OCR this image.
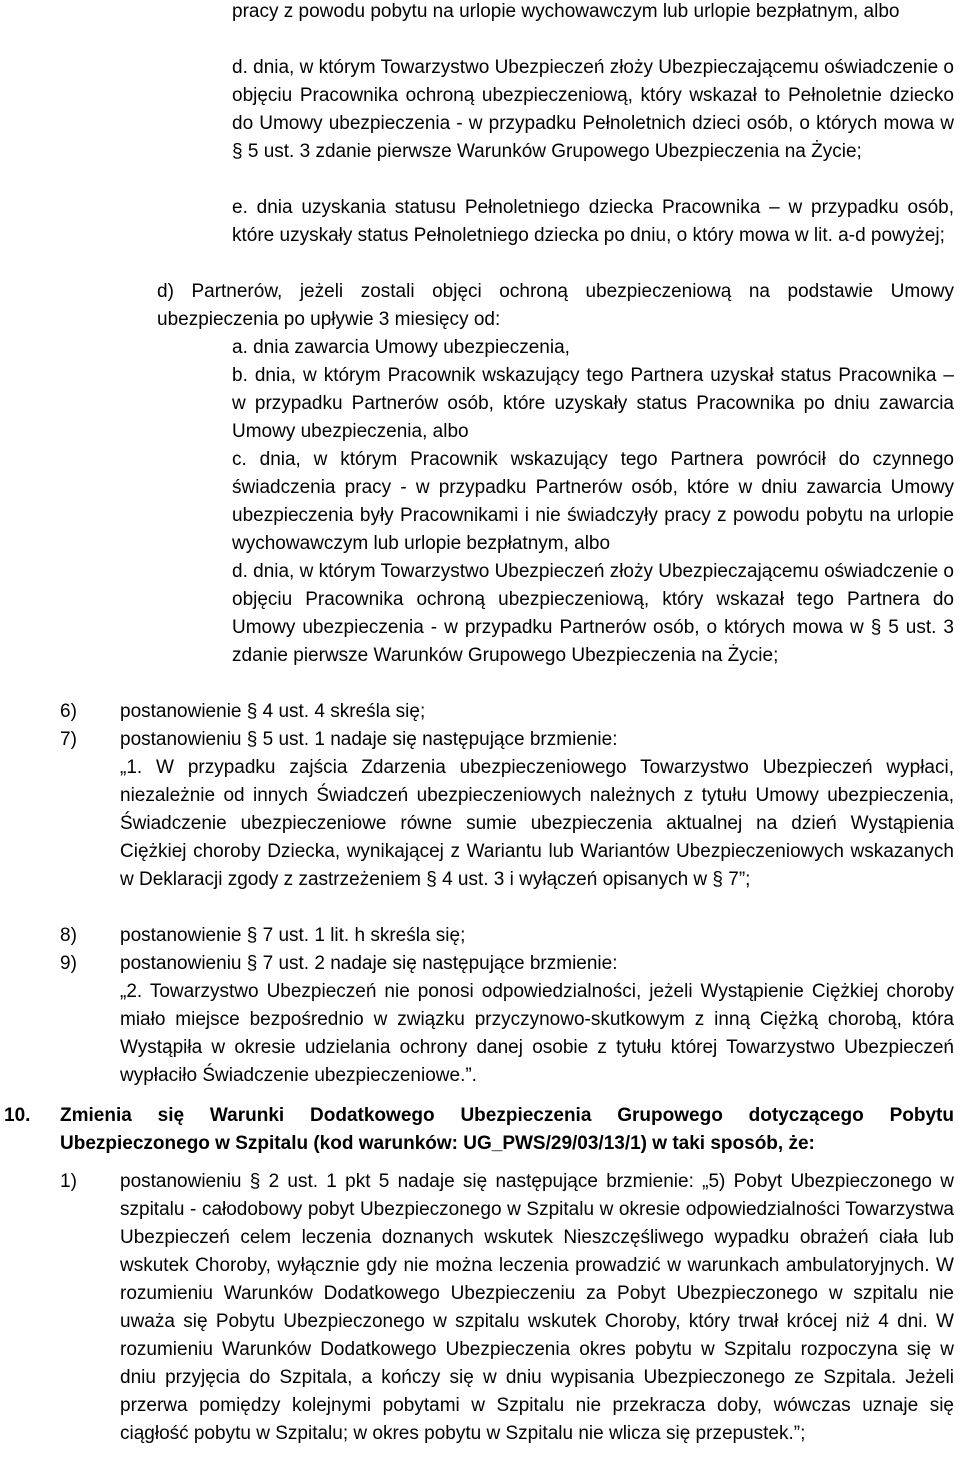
pracy z powodu pobytu na urlopie wychowawczym lub urlopie bezpłatnym, albo

d. dnia, w którym Towarzystwo Ubezpieczeń złoży Ubezpieczającemu oświadczenie o objęciu Pracownika ochroną ubezpieczeniową, który wskazał to Pełnoletnie dziecko do Umowy ubezpieczenia - w przypadku Pełnoletnich dzieci osób, o których mowa w § 5 ust. 3 zdanie pierwsze Warunków Grupowego Ubezpieczenia na Życie;

e. dnia uzyskania statusu Pełnoletniego dziecka Pracownika – w przypadku osób, które uzyskały status Pełnoletniego dziecka po dniu, o który mowa w lit. a-d powyżej;

d) Partnerów, jeżeli zostali objęci ochroną ubezpieczeniową na podstawie Umowy ubezpieczenia po upływie 3 miesięcy od:

a. dnia zawarcia Umowy ubezpieczenia,

b. dnia, w którym Pracownik wskazujący tego Partnera uzyskał status Pracownika – w przypadku Partnerów osób, które uzyskały status Pracownika po dniu zawarcia Umowy ubezpieczenia, albo

c. dnia, w którym Pracownik wskazujący tego Partnera powrócił do czynnego świadczenia pracy - w przypadku Partnerów osób, które w dniu zawarcia Umowy ubezpieczenia były Pracownikami i nie świadczyły pracy z powodu pobytu na urlopie wychowawczym lub urlopie bezpłatnym, albo

d. dnia, w którym Towarzystwo Ubezpieczeń złoży Ubezpieczającemu oświadczenie o objęciu Pracownika ochroną ubezpieczeniową, który wskazał tego Partnera do Umowy ubezpieczenia - w przypadku Partnerów osób, o których mowa w § 5 ust. 3 zdanie pierwsze Warunków Grupowego Ubezpieczenia na Życie;

6) postanowienie § 4 ust. 4 skreśla się;

7) postanowieniu § 5 ust. 1 nadaje się następujące brzmienie:

„1. W przypadku zajścia Zdarzenia ubezpieczeniowego Towarzystwo Ubezpieczeń wypłaci, niezależnie od innych Świadczeń ubezpieczeniowych należnych z tytułu Umowy ubezpieczenia, Świadczenie ubezpieczeniowe równe sumie ubezpieczenia aktualnej na dzień Wystąpienia Ciężkiej choroby Dziecka, wynikającej z Wariantu lub Wariantów Ubezpieczeniowych wskazanych w Deklaracji zgody z zastrzeżeniem § 4 ust. 3 i wyłączeń opisanych w § 7”;

8) postanowienie § 7 ust. 1 lit. h skreśla się;

9) postanowieniu § 7 ust. 2 nadaje się następujące brzmienie:

„2. Towarzystwo Ubezpieczeń nie ponosi odpowiedzialności, jeżeli Wystąpienie Ciężkiej choroby miało miejsce bezpośrednio w związku przyczynowo-skutkowym z inną Ciężką chorobą, która Wystąpiła w okresie udzielania ochrony danej osobie z tytułu której Towarzystwo Ubezpieczeń wypłaciło Świadczenie ubezpieczeniowe.”.

10. Zmienia się Warunki Dodatkowego Ubezpieczenia Grupowego dotyczącego Pobytu Ubezpieczonego w Szpitalu (kod warunków: UG_PWS/29/03/13/1) w taki sposób, że:

1) postanowieniu § 2 ust. 1 pkt 5 nadaje się następujące brzmienie: „5) Pobyt Ubezpieczonego w szpitalu - całodobowy pobyt Ubezpieczonego w Szpitalu w okresie odpowiedzialności Towarzystwa Ubezpieczeń celem leczenia doznanych wskutek Nieszczęśliwego wypadku obrażeń ciała lub wskutek Choroby, wyłącznie gdy nie można leczenia prowadzić w warunkach ambulatoryjnych. W rozumieniu Warunków Dodatkowego Ubezpieczeniu za Pobyt Ubezpieczonego w szpitalu nie uważa się Pobytu Ubezpieczonego w szpitalu wskutek Choroby, który trwał krócej niż 4 dni. W rozumieniu Warunków Dodatkowego Ubezpieczenia okres pobytu w Szpitalu rozpoczyna się w dniu przyjęcia do Szpitala, a kończy się w dniu wypisania Ubezpieczonego ze Szpitala. Jeżeli przerwa pomiędzy kolejnymi pobytami w Szpitalu nie przekracza doby, wówczas uznaje się ciągłość pobytu w Szpitalu; w okres pobytu w Szpitalu nie wlicza się przepustek.”;
